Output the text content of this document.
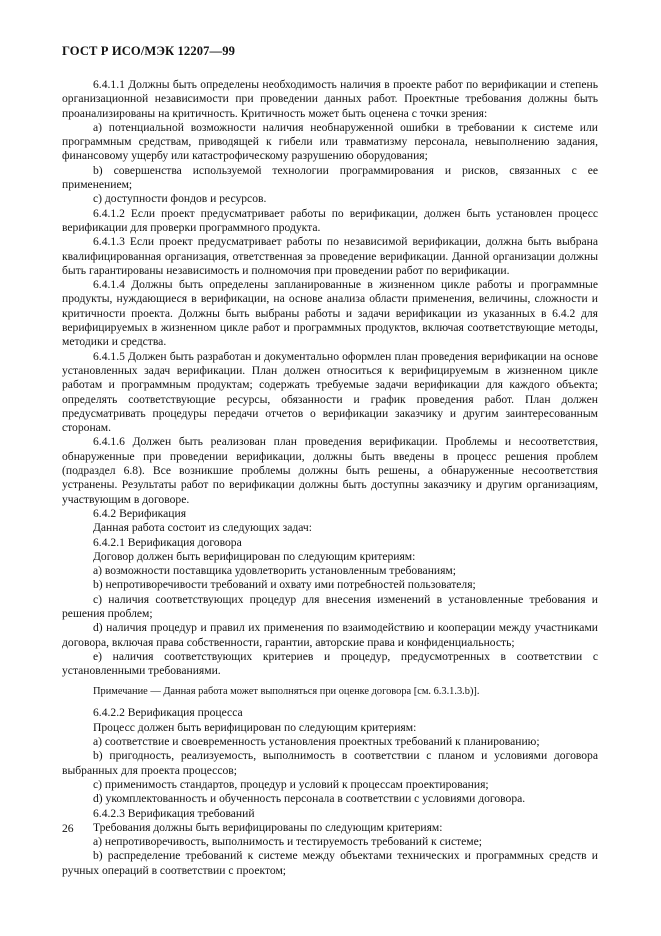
ГОСТ Р ИСО/МЭК 12207—99

6.4.1.1 Должны быть определены необходимость наличия в проекте работ по верификации и степень организационной независимости при проведении данных работ. Проектные требования должны быть проанализированы на критичность. Критичность может быть оценена с точки зрения:

a) потенциальной возможности наличия необнаруженной ошибки в требовании к системе или программным средствам, приводящей к гибели или травматизму персонала, невыполнению задания, финансовому ущербу или катастрофическому разрушению оборудования;

b) совершенства используемой технологии программирования и рисков, связанных с ее применением;

c) доступности фондов и ресурсов.

6.4.1.2 Если проект предусматривает работы по верификации, должен быть установлен процесс верификации для проверки программного продукта.

6.4.1.3 Если проект предусматривает работы по независимой верификации, должна быть выбрана квалифицированная организация, ответственная за проведение верификации. Данной организации должны быть гарантированы независимость и полномочия при проведении работ по верификации.

6.4.1.4 Должны быть определены запланированные в жизненном цикле работы и программные продукты, нуждающиеся в верификации, на основе анализа области применения, величины, сложности и критичности проекта. Должны быть выбраны работы и задачи верификации из указанных в 6.4.2 для верифицируемых в жизненном цикле работ и программных продуктов, включая соответствующие методы, методики и средства.

6.4.1.5 Должен быть разработан и документально оформлен план проведения верификации на основе установленных задач верификации. План должен относиться к верифицируемым в жизненном цикле работам и программным продуктам; содержать требуемые задачи верификации для каждого объекта; определять соответствующие ресурсы, обязанности и график проведения работ. План должен предусматривать процедуры передачи отчетов о верификации заказчику и другим заинтересованным сторонам.

6.4.1.6 Должен быть реализован план проведения верификации. Проблемы и несоответствия, обнаруженные при проведении верификации, должны быть введены в процесс решения проблем (подраздел 6.8). Все возникшие проблемы должны быть решены, а обнаруженные несоответствия устранены. Результаты работ по верификации должны быть доступны заказчику и другим организациям, участвующим в договоре.

6.4.2 Верификация

Данная работа состоит из следующих задач:

6.4.2.1 Верификация договора

Договор должен быть верифицирован по следующим критериям:

a) возможности поставщика удовлетворить установленным требованиям;

b) непротиворечивости требований и охвату ими потребностей пользователя;

c) наличия соответствующих процедур для внесения изменений в установленные требования и решения проблем;

d) наличия процедур и правил их применения по взаимодействию и кооперации между участниками договора, включая права собственности, гарантии, авторские права и конфиденциальность;

e) наличия соответствующих критериев и процедур, предусмотренных в соответствии с установленными требованиями.

Примечание — Данная работа может выполняться при оценке договора [см. 6.3.1.3.b)].

6.4.2.2 Верификация процесса

Процесс должен быть верифицирован по следующим критериям:

a) соответствие и своевременность установления проектных требований к планированию;

b) пригодность, реализуемость, выполнимость в соответствии с планом и условиями договора выбранных для проекта процессов;

c) применимость стандартов, процедур и условий к процессам проектирования;

d) укомплектованность и обученность персонала в соответствии с условиями договора.

6.4.2.3 Верификация требований

Требования должны быть верифицированы по следующим критериям:

a) непротиворечивость, выполнимость и тестируемость требований к системе;

b) распределение требований к системе между объектами технических и программных средств и ручных операций в соответствии с проектом;

26
